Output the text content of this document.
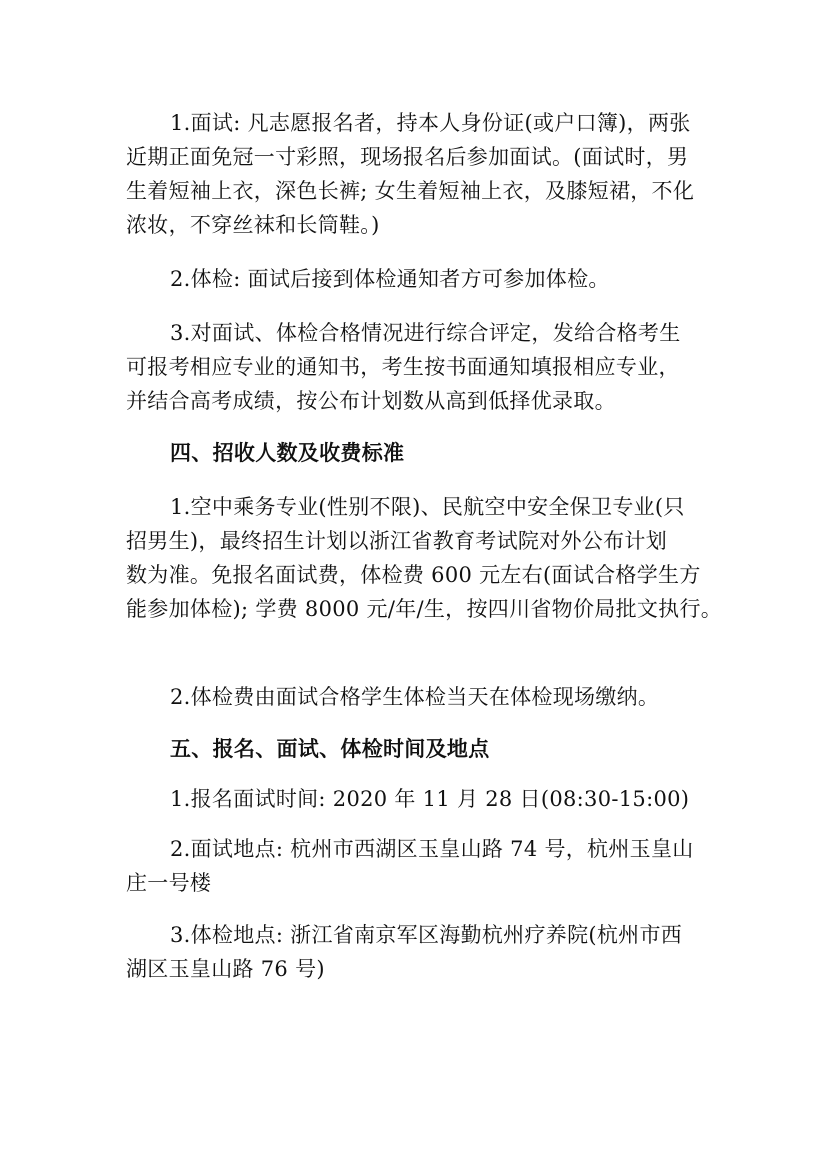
1.面试: 凡志愿报名者，持本人身份证(或户口簿)，两张
近期正面免冠一寸彩照，现场报名后参加面试。(面试时，男
生着短袖上衣，深色长裤; 女生着短袖上衣，及膝短裙，不化
浓妆，不穿丝袜和长筒鞋。)
2.体检: 面试后接到体检通知者方可参加体检。
3.对面试、体检合格情况进行综合评定，发给合格考生
可报考相应专业的通知书，考生按书面通知填报相应专业，
并结合高考成绩，按公布计划数从高到低择优录取。
四、招收人数及收费标准
1.空中乘务专业(性别不限)、民航空中安全保卫专业(只
招男生)，最终招生计划以浙江省教育考试院对外公布计划
数为准。免报名面试费，体检费 600 元左右(面试合格学生方
能参加体检); 学费 8000 元/年/生，按四川省物价局批文执行。
2.体检费由面试合格学生体检当天在体检现场缴纳。
五、报名、面试、体检时间及地点
1.报名面试时间: 2020 年 11 月 28 日(08:30-15:00)
2.面试地点: 杭州市西湖区玉皇山路 74 号，杭州玉皇山
庄一号楼
3.体检地点: 浙江省南京军区海勤杭州疗养院(杭州市西
湖区玉皇山路 76 号)
